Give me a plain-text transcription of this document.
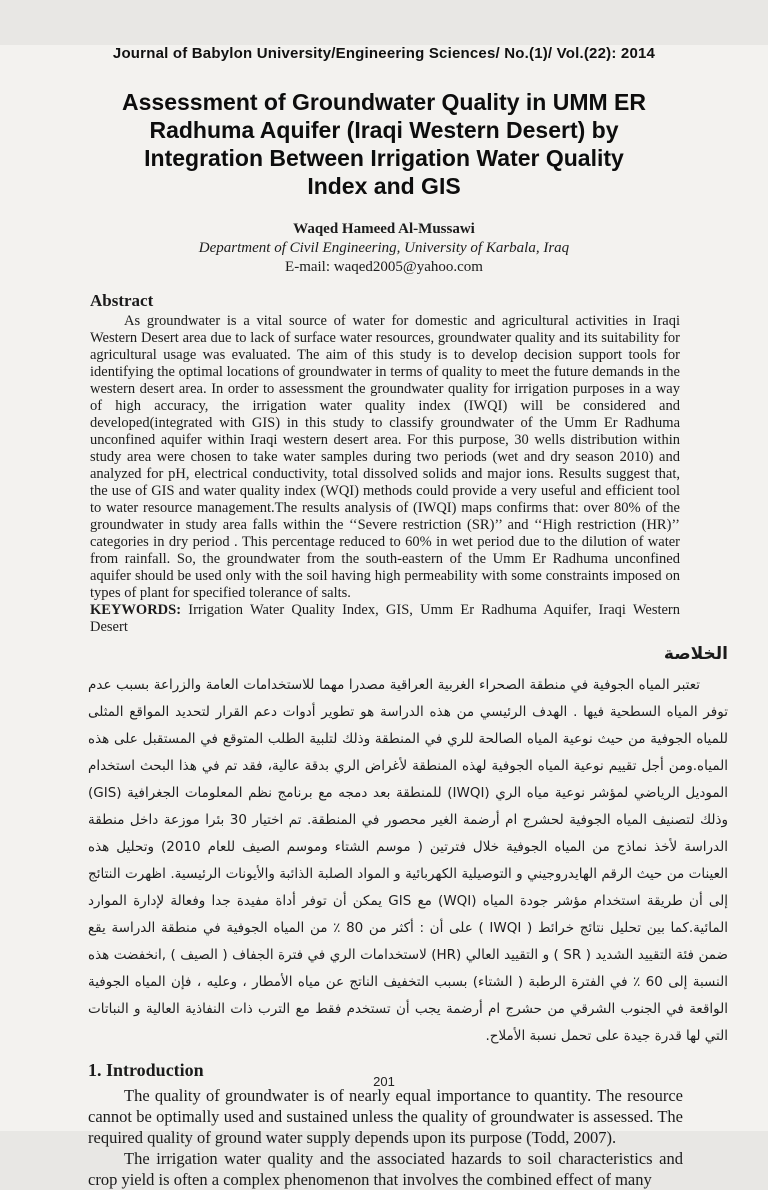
Journal of Babylon University/Engineering Sciences/ No.(1)/ Vol.(22): 2014
Assessment of Groundwater Quality in UMM ER
Radhuma Aquifer (Iraqi Western Desert) by
Integration Between Irrigation Water Quality
Index and GIS
Waqed Hameed Al-Mussawi
Department of Civil Engineering, University of Karbala, Iraq
E-mail: waqed2005@yahoo.com
Abstract
As groundwater is a vital source of water for domestic and agricultural activities in Iraqi Western Desert area due to lack of surface water resources, groundwater quality and its suitability for agricultural usage was evaluated. The aim of this study is to develop decision support tools for identifying the optimal locations of groundwater in terms of quality to meet the future demands in the western desert area. In order to assessment the groundwater quality for irrigation purposes in a way of high accuracy, the irrigation water quality index (IWQI) will be considered and developed(integrated with GIS) in this study to classify groundwater of the Umm Er Radhuma unconfined aquifer within Iraqi western desert area. For this purpose, 30 wells distribution within study area were chosen to take water samples during two periods (wet and dry season 2010) and analyzed for pH, electrical conductivity, total dissolved solids and major ions. Results suggest that, the use of GIS and water quality index (WQI) methods could provide a very useful and efficient tool to water resource management.The results analysis of (IWQI) maps confirms that: over 80% of the groundwater in study area falls within the ‘‘Severe restriction (SR)’’ and ‘‘High restriction (HR)’’ categories in dry period . This percentage reduced to 60% in wet period due to the dilution of water from rainfall. So, the groundwater from the south-eastern of the Umm Er Radhuma unconfined aquifer should be used only with the soil having high permeability with some constraints imposed on types of plant for specified tolerance of salts.
KEYWORDS: Irrigation Water Quality Index, GIS, Umm Er Radhuma Aquifer, Iraqi Western Desert
الخلاصة
تعتبر المياه الجوفية في منطقة الصحراء الغربية العراقية مصدرا مهما للاستخدامات العامة والزراعة بسبب عدم توفر المياه السطحية فيها . الهدف الرئيسي من هذه الدراسة هو تطوير أدوات دعم القرار لتحديد المواقع المثلى للمياه الجوفية من حيث نوعية المياه الصالحة للري في المنطقة وذلك لتلبية الطلب المتوقع في المستقبل على هذه المياه.ومن أجل تقييم نوعية المياه الجوفية لهذه المنطقة لأغراض الري بدقة عالية، فقد تم في هذا البحث استخدام الموديل الرياضي لمؤشر نوعية مياه الري (IWQI) للمنطقة بعد دمجه مع برنامج نظم المعلومات الجغرافية (GIS) وذلك لتصنيف المياه الجوفية لحشرج ام أرضمة الغير محصور في المنطقة. تم اختيار 30 بئرا موزعة داخل منطقة الدراسة لأخذ نماذج من المياه الجوفية خلال فترتين ( موسم الشتاء وموسم الصيف للعام 2010) وتحليل هذه العينات من حيث الرقم الهايدروجيني و التوصيلية الكهربائية و المواد الصلبة الذائبة والأيونات الرئيسية. اظهرت النتائج إلى أن طريقة استخدام مؤشر جودة المياه (WQI) مع GIS يمكن أن توفر أداة مفيدة جدا وفعالة لإدارة الموارد المائية.كما بين تحليل نتائج خرائط ( IWQI ) على أن : أكثر من 80 ٪ من المياه الجوفية في منطقة الدراسة يقع ضمن فئة التقييد الشديد ( SR ) و التقييد العالي (HR) لاستخدامات الري في فترة الجفاف ( الصيف ) ,انخفضت هذه النسبة إلى 60 ٪ في الفترة الرطبة ( الشتاء) بسبب التخفيف الناتج عن مياه الأمطار ، وعليه ، فإن المياه الجوفية الواقعة في الجنوب الشرقي من حشرج ام أرضمة يجب أن تستخدم فقط مع الترب ذات النفاذية العالية و النباتات التي لها قدرة جيدة على تحمل نسبة الأملاح.
1. Introduction
The quality of groundwater is of nearly equal importance to quantity. The resource cannot be optimally used and sustained unless the quality of groundwater is assessed. The required quality of ground water supply depends upon its purpose (Todd, 2007).
The irrigation water quality and the associated hazards to soil characteristics and crop yield is often a complex phenomenon that involves the combined effect of many
201
